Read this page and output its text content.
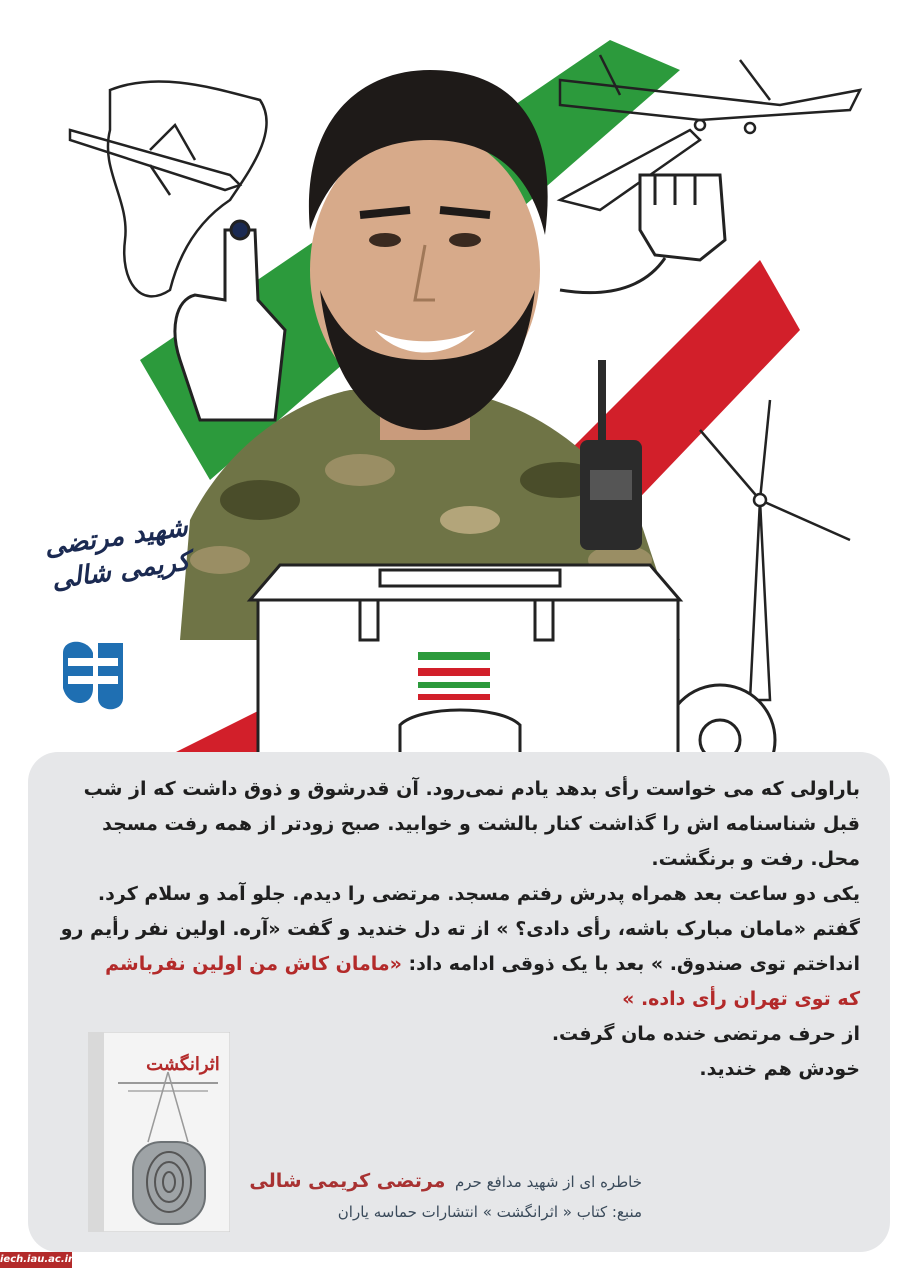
شهید مرتضی کریمی شالی

باراولی که می خواست رأی بدهد یادم نمی‌رود. آن قدرشوق و ذوق داشت که از شب

قبل شناسنامه اش را گذاشت کنار بالشت و خوابید. صبح زودتر از همه رفت مسجد

محل. رفت و برنگشت.

یکی دو ساعت بعد همراه پدرش رفتم مسجد. مرتضی را دیدم. جلو آمد و سلام کرد.

گفتم «مامان مبارک باشه، رأی دادی؟ » از ته دل خندید و گفت «آره. اولین نفر رأیم رو

انداختم توی صندوق. » بعد با یک ذوقی ادامه داد: «مامان کاش من اولین نفرباشم

که توی تهران رأی داده. »

از حرف مرتضی خنده مان گرفت.

خودش هم خندید.

اثرانگشت
خاطره ای از شهید مدافع حرم  مرتضی کریمی شالی
منبع: کتاب « اثرانگشت » انتشارات حماسه یاران
iech.iau.ac.ir
